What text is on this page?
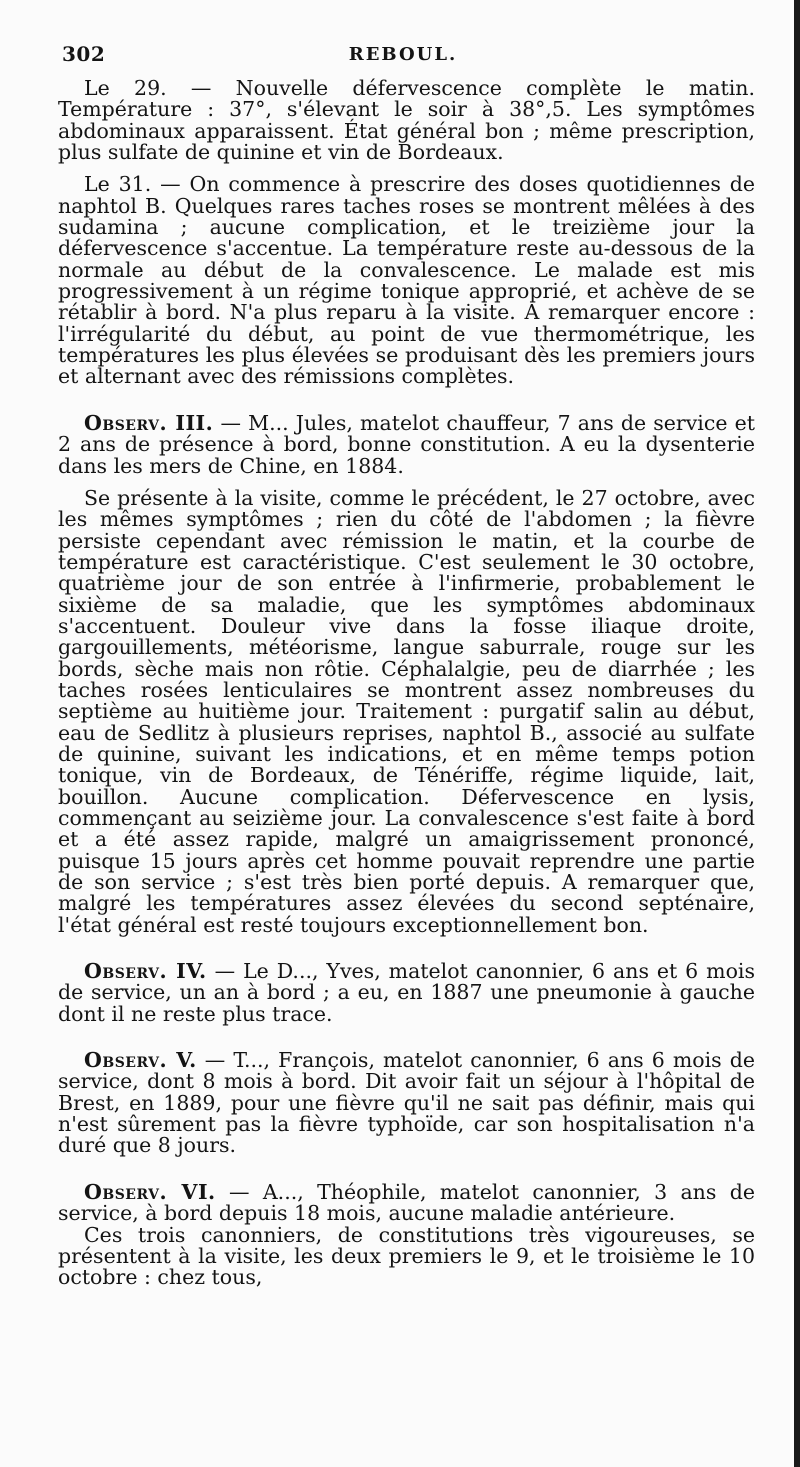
302	REBOUL.

Le 29. — Nouvelle défervescence complète le matin. Température : 37°, s'élevant le soir à 38°,5. Les symptômes abdominaux apparaissent. État général bon ; même prescription, plus sulfate de quinine et vin de Bordeaux.

Le 31. — On commence à prescrire des doses quotidiennes de naphtol B. Quelques rares taches roses se montrent mêlées à des sudamina ; aucune complication, et le treizième jour la défervescence s'accentue. La température reste au-dessous de la normale au début de la convalescence. Le malade est mis progressivement à un régime tonique approprié, et achève de se rétablir à bord. N'a plus reparu à la visite. A remarquer encore : l'irrégularité du début, au point de vue thermométrique, les températures les plus élevées se produisant dès les premiers jours et alternant avec des rémissions complètes.

Observ. III. — M... Jules, matelot chauffeur, 7 ans de service et 2 ans de présence à bord, bonne constitution. A eu la dysenterie dans les mers de Chine, en 1884.

Se présente à la visite, comme le précédent, le 27 octobre, avec les mêmes symptômes ; rien du côté de l'abdomen ; la fièvre persiste cependant avec rémission le matin, et la courbe de température est caractéristique. C'est seulement le 30 octobre, quatrième jour de son entrée à l'infirmerie, probablement le sixième de sa maladie, que les symptômes abdominaux s'accentuent. Douleur vive dans la fosse iliaque droite, gargouillements, météorisme, langue saburrale, rouge sur les bords, sèche mais non rôtie. Céphalalgie, peu de diarrhée ; les taches rosées lenticulaires se montrent assez nombreuses du septième au huitième jour. Traitement : purgatif salin au début, eau de Sedlitz à plusieurs reprises, naphtol B., associé au sulfate de quinine, suivant les indications, et en même temps potion tonique, vin de Bordeaux, de Ténériffe, régime liquide, lait, bouillon. Aucune complication. Défervescence en lysis, commençant au seizième jour. La convalescence s'est faite à bord et a été assez rapide, malgré un amaigrissement prononcé, puisque 15 jours après cet homme pouvait reprendre une partie de son service ; s'est très bien porté depuis. A remarquer que, malgré les températures assez élevées du second septénaire, l'état général est resté toujours exceptionnellement bon.

Observ. IV. — Le D..., Yves, matelot canonnier, 6 ans et 6 mois de service, un an à bord ; a eu, en 1887 une pneumonie à gauche dont il ne reste plus trace.

Observ. V. — T..., François, matelot canonnier, 6 ans 6 mois de service, dont 8 mois à bord. Dit avoir fait un séjour à l'hôpital de Brest, en 1889, pour une fièvre qu'il ne sait pas définir, mais qui n'est sûrement pas la fièvre typhoïde, car son hospitalisation n'a duré que 8 jours.

Observ. VI. — A..., Théophile, matelot canonnier, 3 ans de service, à bord depuis 18 mois, aucune maladie antérieure.

Ces trois canonniers, de constitutions très vigoureuses, se présentent à la visite, les deux premiers le 9, et le troisième le 10 octobre : chez tous,
